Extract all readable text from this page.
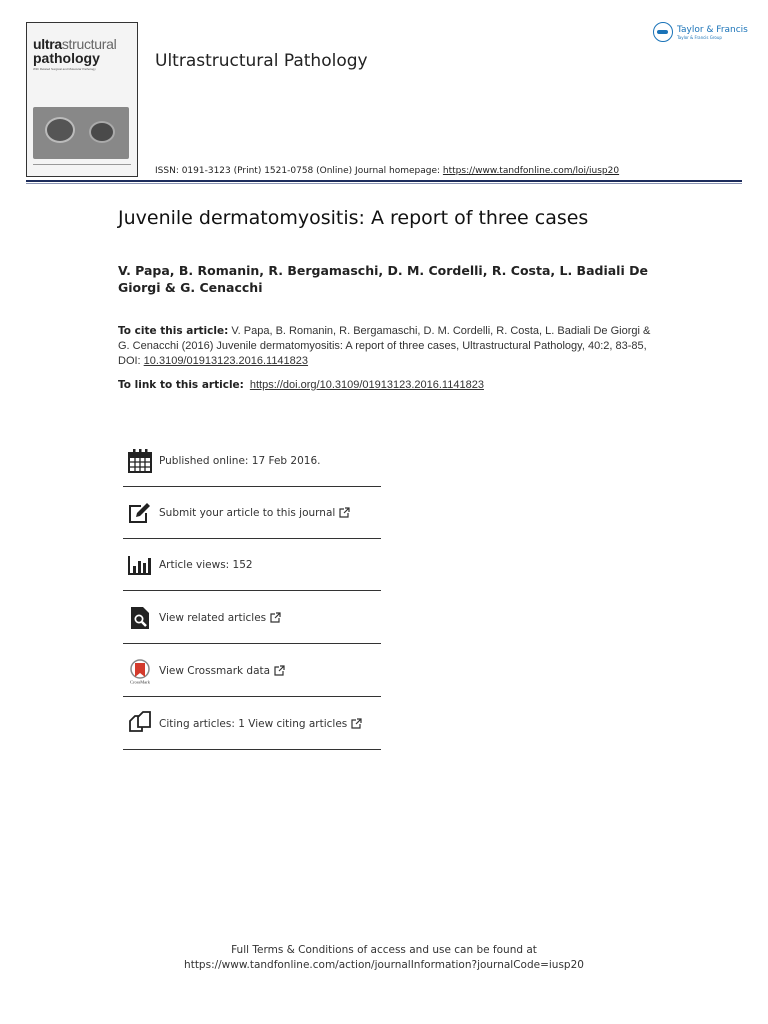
ultrastructural
pathology
With Related Surgical and Molecular Pathology	Ultrastructural Pathology
Taylor & Francis
Taylor & Francis Group
ISSN: 0191-3123 (Print) 1521-0758 (Online) Journal homepage: https://www.tandfonline.com/loi/iusp20
Juvenile dermatomyositis: A report of three cases
V. Papa, B. Romanin, R. Bergamaschi, D. M. Cordelli, R. Costa, L. Badiali De Giorgi & G. Cenacchi
To cite this article: V. Papa, B. Romanin, R. Bergamaschi, D. M. Cordelli, R. Costa, L. Badiali De Giorgi & G. Cenacchi (2016) Juvenile dermatomyositis: A report of three cases, Ultrastructural Pathology, 40:2, 83-85, DOI: 10.3109/01913123.2016.1141823
To link to this article: https://doi.org/10.3109/01913123.2016.1141823
Published online: 17 Feb 2016.
Submit your article to this journal
Article views: 152
View related articles
CrossMark
View Crossmark data
Citing articles: 1 View citing articles
Full Terms & Conditions of access and use can be found at
https://www.tandfonline.com/action/journalInformation?journalCode=iusp20
